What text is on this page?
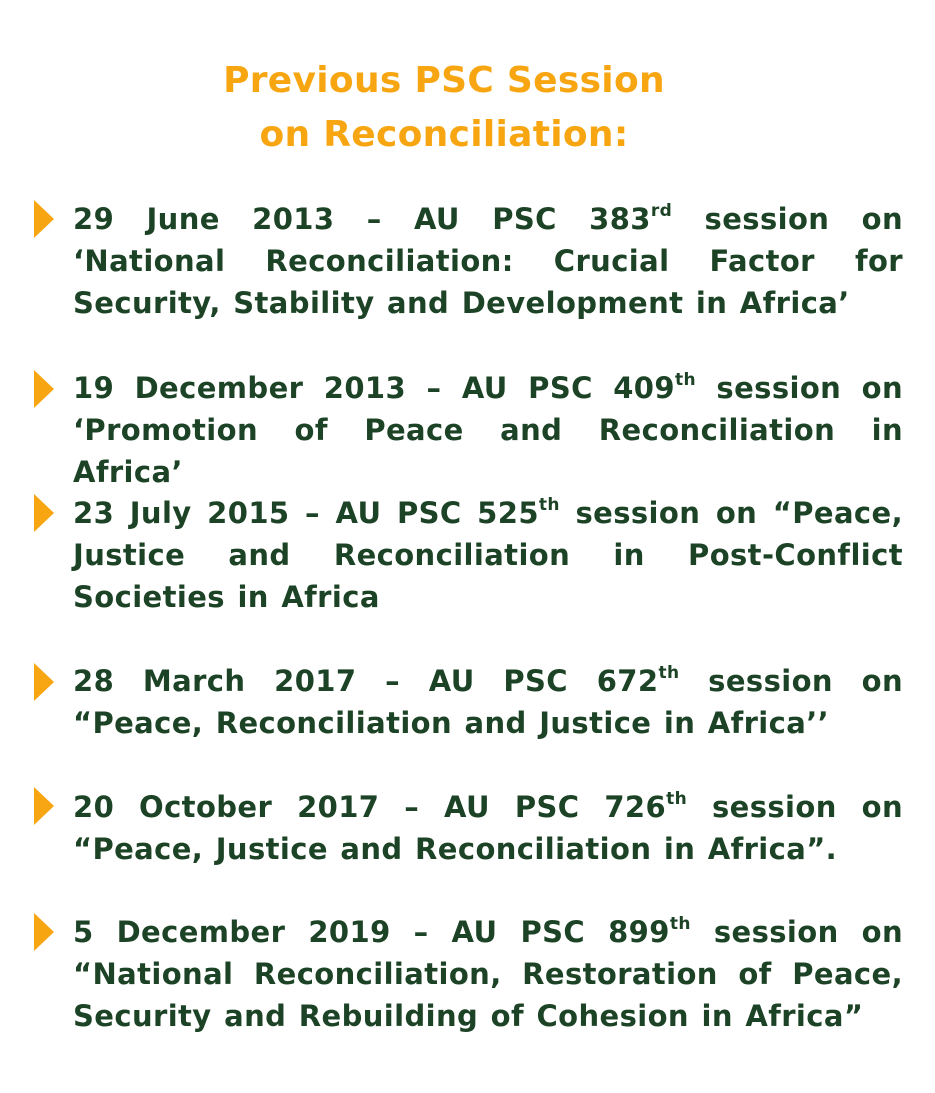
Previous PSC Session
on Reconciliation:
29 June 2013 – AU PSC 383rd session on ‘National Reconciliation: Crucial Factor for Security, Stability and Development in Africa’
19 December 2013 – AU PSC 409th session on ‘Promotion of Peace and Reconciliation in Africa’
23 July 2015 – AU PSC 525th session on “Peace, Justice and Reconciliation in Post-Conflict Societies in Africa
28 March 2017 – AU PSC 672th session on “Peace, Reconciliation and Justice in Africa’’
20 October 2017 – AU PSC 726th session on “Peace, Justice and Reconciliation in Africa”.
5 December 2019 – AU PSC 899th session on “National Reconciliation, Restoration of Peace, Security and Rebuilding of Cohesion in Africa”
